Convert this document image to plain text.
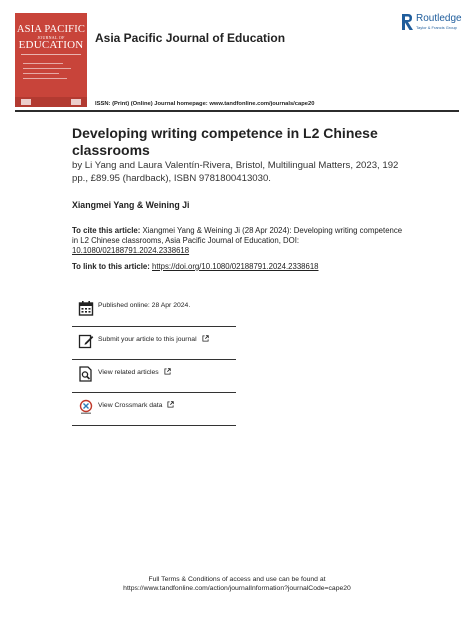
ASIA PACIFIC
JOURNAL OF
EDUCATION Asia Pacific Journal of Education
Routledge
Taylor & Francis Group
ISSN: (Print) (Online) Journal homepage: www.tandfonline.com/journals/cape20
Developing writing competence in L2 Chinese classrooms
by Li Yang and Laura Valentín-Rivera, Bristol, Multilingual Matters, 2023, 192 pp., £89.95 (hardback), ISBN 9781800413030.
Xiangmei Yang & Weining Ji
To cite this article: Xiangmei Yang & Weining Ji (28 Apr 2024): Developing writing competence in L2 Chinese classrooms, Asia Pacific Journal of Education, DOI: 10.1080/02188791.2024.2338618
To link to this article: https://doi.org/10.1080/02188791.2024.2338618
Published online: 28 Apr 2024.
Submit your article to this journal
View related articles
View Crossmark data
Full Terms & Conditions of access and use can be found at
https://www.tandfonline.com/action/journalInformation?journalCode=cape20
